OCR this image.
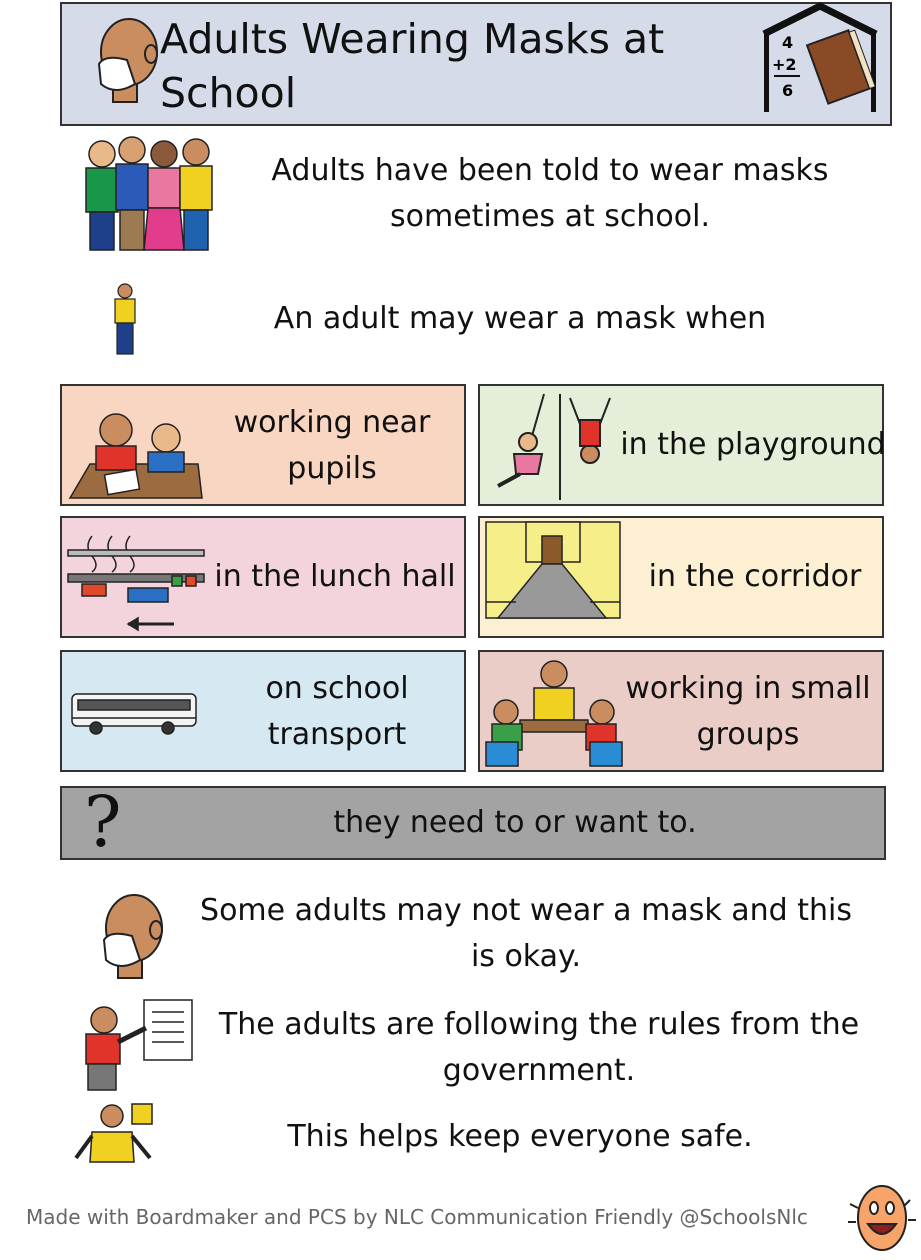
Adults Wearing Masks at School
4
+2
6
Adults have been told to wear masks sometimes at school.
An adult may wear a mask when
working near pupils
in the playground
in the lunch hall	in the corridor
on school transport
working in small groups
?	they need to or want to.
Some adults may not wear a mask and this is okay.
The adults are following the rules from the government.
This helps keep everyone safe.
Made with Boardmaker and PCS by NLC Communication Friendly @SchoolsNlc
